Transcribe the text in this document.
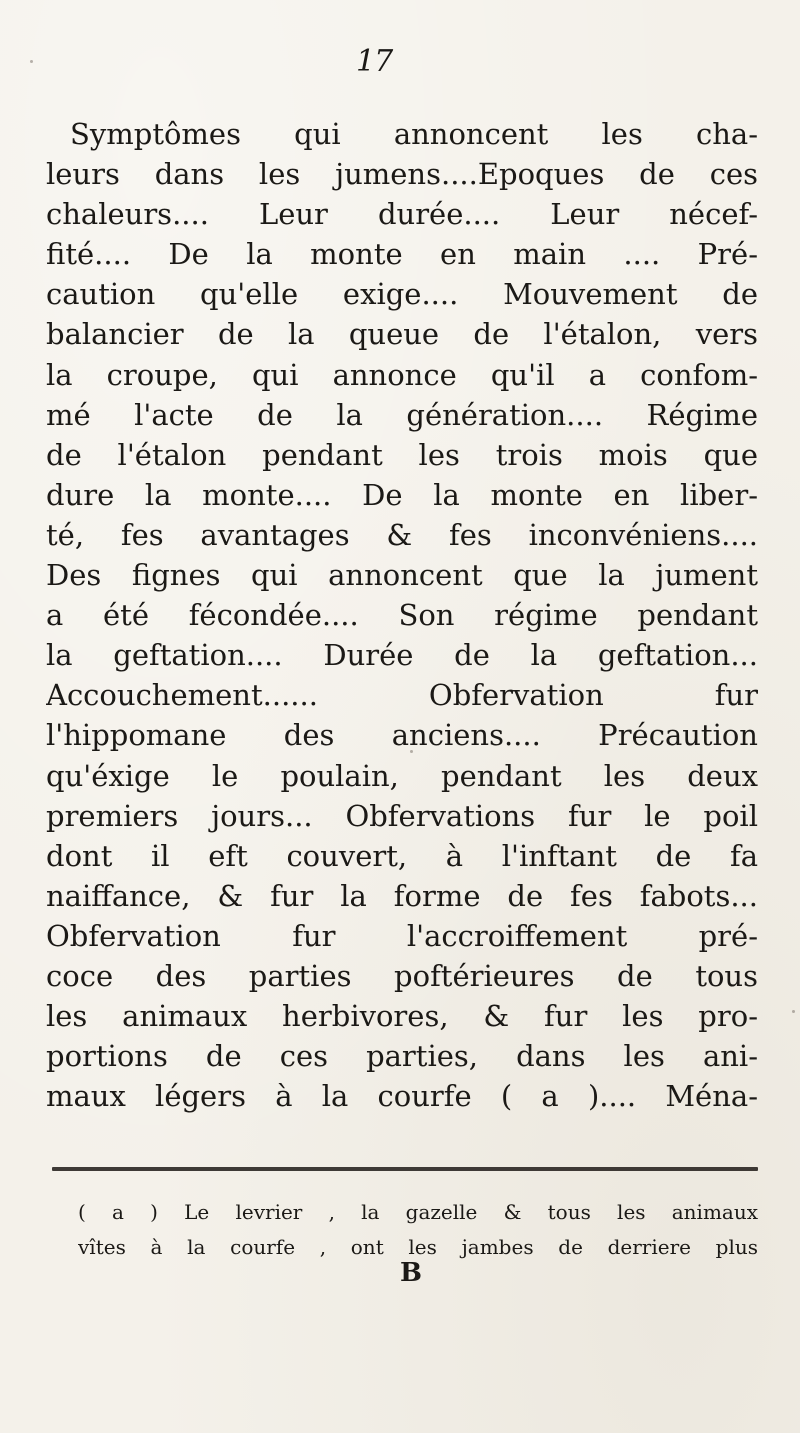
17
Symptômes qui annoncent les cha-
leurs dans les jumens....Epoques de ces
chaleurs.... Leur durée.... Leur nécef-
fité.... De la monte en main .... Pré-
caution qu'elle exige.... Mouvement de
balancier de la queue de l'étalon, vers
la croupe, qui annonce qu'il a confom-
mé l'acte de la génération.... Régime
de l'étalon pendant les trois mois que
dure la monte.... De la monte en liber-
té, fes avantages & fes inconvéniens....
Des fignes qui annoncent que la jument
a été fécondée.... Son régime pendant
la geftation.... Durée de la geftation...
Accouchement...... Obfervation fur
l'hippomane des anciens.... Précaution
qu'éxige le poulain, pendant les deux
premiers jours... Obfervations fur le poil
dont il eft couvert, à l'inftant de fa
naiffance, & fur la forme de fes fabots...
Obfervation fur l'accroiffement pré-
coce des parties poftérieures de tous
les animaux herbivores, & fur les pro-
portions de ces parties, dans les ani-
maux légers à la courfe ( a ).... Ména-
( a ) Le levrier , la gazelle & tous les animaux
vîtes à la courfe , ont les jambes de derriere plus
B
